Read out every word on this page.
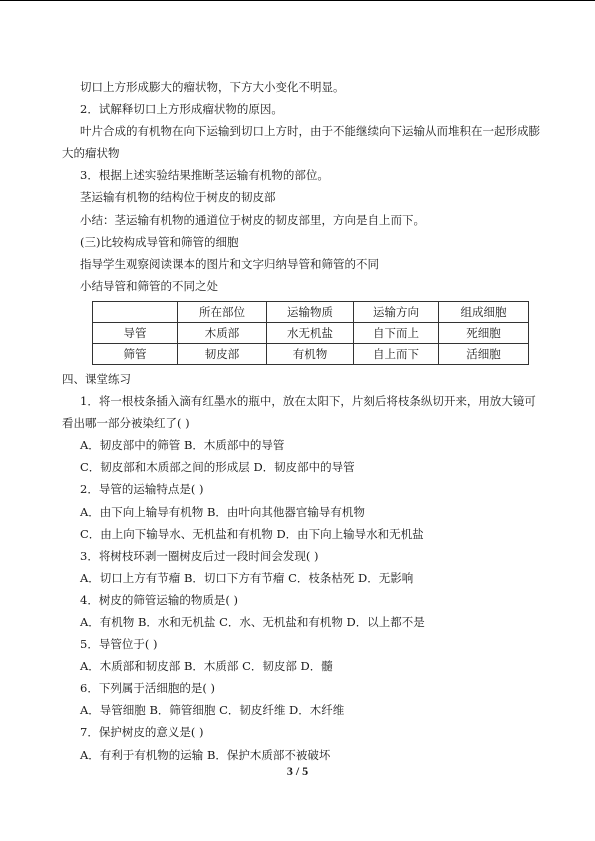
切口上方形成膨大的瘤状物，下方大小变化不明显。

2．试解释切口上方形成瘤状物的原因。

叶片合成的有机物在向下运输到切口上方时，由于不能继续向下运输从而堆积在一起形成膨大的瘤状物

3．根据上述实验结果推断茎运输有机物的部位。

茎运输有机物的结构位于树皮的韧皮部

小结：茎运输有机物的通道位于树皮的韧皮部里，方向是自上而下。

(三)比较构成导管和筛管的细胞

指导学生观察阅读课本的图片和文字归纳导管和筛管的不同

小结导管和筛管的不同之处

	所在部位	运输物质	运输方向	组成细胞
导管	木质部	水无机盐	自下而上	死细胞
筛管	韧皮部	有机物	自上而下	活细胞

四、课堂练习

1．将一根枝条插入滴有红墨水的瓶中，放在太阳下，片刻后将枝条纵切开来，用放大镜可看出哪一部分被染红了( )

A．韧皮部中的筛管 B．木质部中的导管

C．韧皮部和木质部之间的形成层 D．韧皮部中的导管

2．导管的运输特点是( )

A．由下向上输导有机物 B．由叶向其他器官输导有机物

C．由上向下输导水、无机盐和有机物 D．由下向上输导水和无机盐

3．将树枝环剥一圈树皮后过一段时间会发现( )

A．切口上方有节瘤 B．切口下方有节瘤 C．枝条枯死 D．无影响

4．树皮的筛管运输的物质是( )

A．有机物 B．水和无机盐 C．水、无机盐和有机物 D．以上都不是

5．导管位于( )

A．木质部和韧皮部 B．木质部 C．韧皮部 D．髓

6．下列属于活细胞的是( )

A．导管细胞 B．筛管细胞 C．韧皮纤维 D．木纤维

7．保护树皮的意义是( )

A．有利于有机物的运输 B．保护木质部不被破坏

3 / 5
